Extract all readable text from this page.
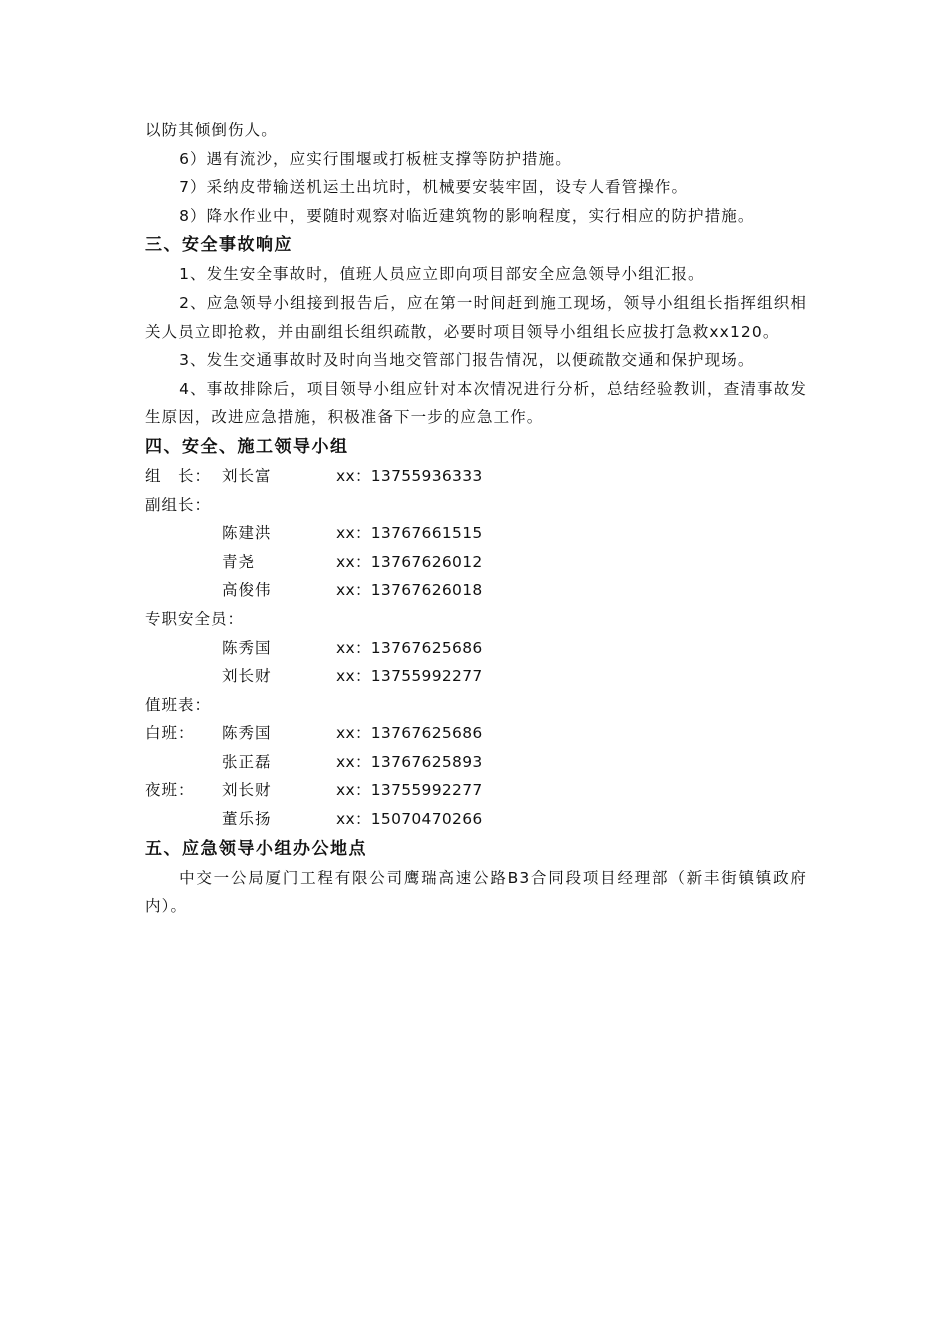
以防其倾倒伤人。

6）遇有流沙，应实行围堰或打板桩支撑等防护措施。

7）采纳皮带输送机运土出坑时，机械要安装牢固，设专人看管操作。

8）降水作业中，要随时观察对临近建筑物的影响程度，实行相应的防护措施。

三、安全事故响应

1、发生安全事故时，值班人员应立即向项目部安全应急领导小组汇报。

2、应急领导小组接到报告后，应在第一时间赶到施工现场，领导小组组长指挥组织相关人员立即抢救，并由副组长组织疏散，必要时项目领导小组组长应拔打急救xx120。

3、发生交通事故时及时向当地交管部门报告情况，以便疏散交通和保护现场。

4、事故排除后，项目领导小组应针对本次情况进行分析，总结经验教训，查清事故发生原因，改进应急措施，积极准备下一步的应急工作。

四、安全、施工领导小组
组　长： 刘长富	xx：13755936333
副组长：
陈建洪	xx：13767661515
青尧	xx：13767626012
高俊伟	xx：13767626018
专职安全员：
陈秀国	xx：13767625686
刘长财	xx：13755992277
值班表：
白班： 陈秀国	xx：13767625686
张正磊	xx：13767625893
夜班： 刘长财	xx：13755992277
董乐扬	xx：15070470266
五、应急领导小组办公地点

中交一公局厦门工程有限公司鹰瑞高速公路B3合同段项目经理部（新丰街镇镇政府内）。
